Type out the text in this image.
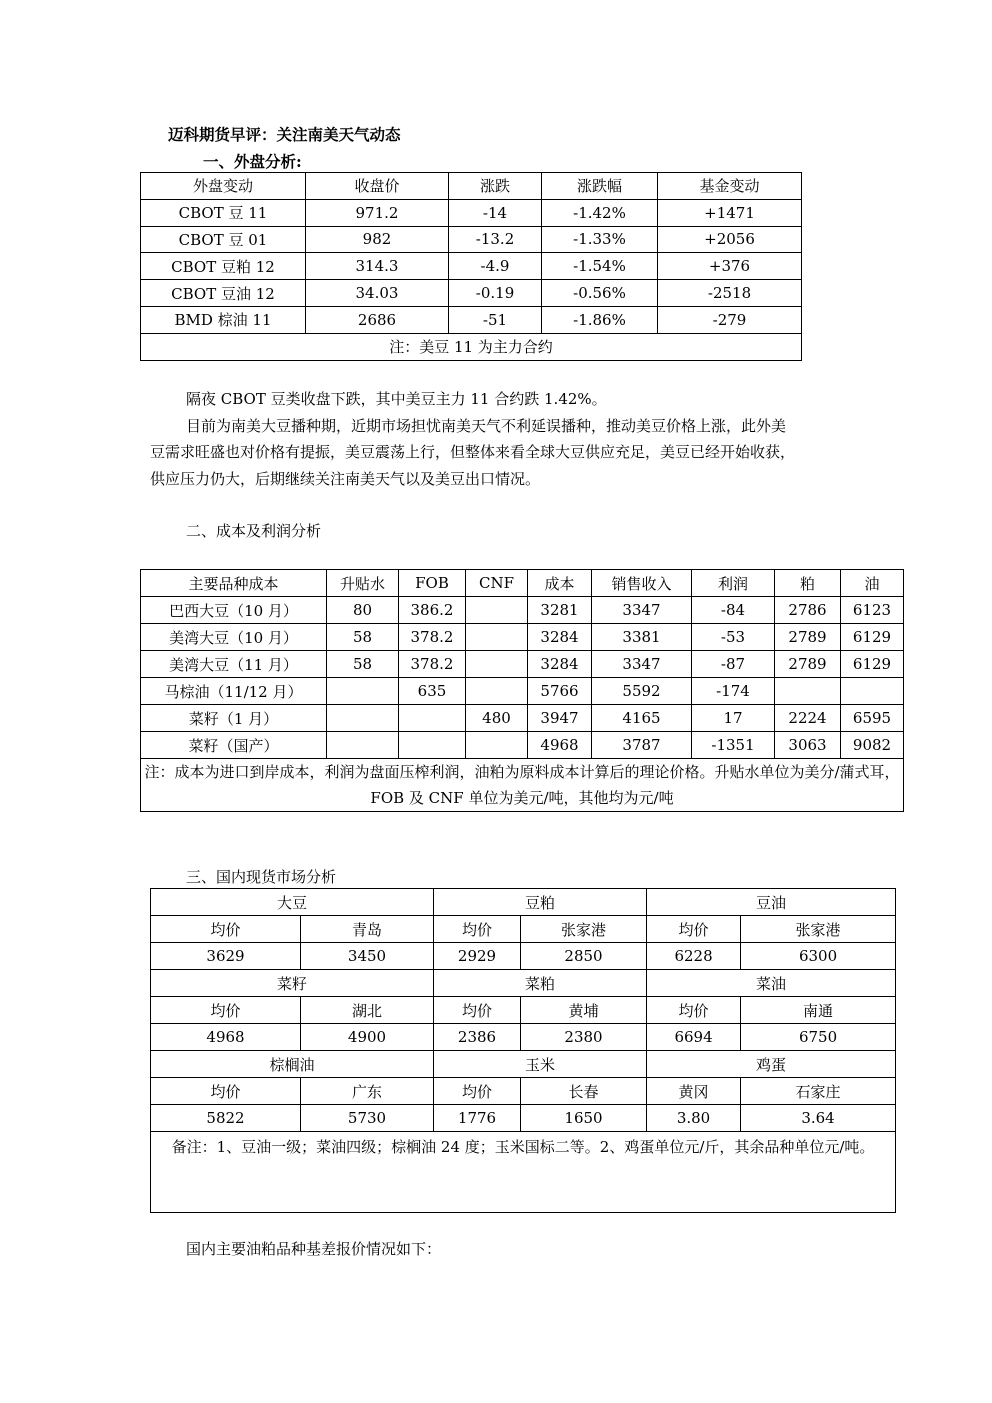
迈科期货早评：关注南美天气动态
一、外盘分析:
外盘变动	收盘价	涨跌	涨跌幅	基金变动
CBOT 豆 11	971.2	-14	-1.42%	+1471
CBOT 豆 01	982	-13.2	-1.33%	+2056
CBOT 豆粕 12	314.3	-4.9	-1.54%	+376
CBOT 豆油 12	34.03	-0.19	-0.56%	-2518
BMD 棕油 11	2686	-51	-1.86%	-279
注：美豆 11 为主力合约				

隔夜 CBOT 豆类收盘下跌，其中美豆主力 11 合约跌 1.42%。

目前为南美大豆播种期，近期市场担忧南美天气不利延误播种，推动美豆价格上涨，此外美豆需求旺盛也对价格有提振，美豆震荡上行，但整体来看全球大豆供应充足，美豆已经开始收获，供应压力仍大，后期继续关注南美天气以及美豆出口情况。

二、成本及利润分析
主要品种成本	升贴水	FOB	CNF	成本	销售收入	利润	粕	油
巴西大豆（10 月）	80	386.2		3281	3347	-84	2786	6123
美湾大豆（10 月）	58	378.2		3284	3381	-53	2789	6129
美湾大豆（11 月）	58	378.2		3284	3347	-87	2789	6129
马棕油（11/12 月）		635		5766	5592	-174		
菜籽（1 月）			480	3947	4165	17	2224	6595
菜籽（国产）				4968	3787	-1351	3063	9082
注：成本为进口到岸成本，利润为盘面压榨利润，油粕为原料成本计算后的理论价格。升贴水单位为美分/蒲式耳，FOB 及 CNF 单位为美元/吨，其他均为元/吨								
三、国内现货市场分析
大豆		豆粕		豆油	
均价	青岛	均价	张家港	均价	张家港
3629	3450	2929	2850	6228	6300
菜籽		菜粕		菜油	
均价	湖北	均价	黄埔	均价	南通
4968	4900	2386	2380	6694	6750
棕榈油		玉米		鸡蛋	
均价	广东	均价	长春	黄冈	石家庄
5822	5730	1776	1650	3.80	3.64
备注：1、豆油一级；菜油四级；棕榈油 24 度；玉米国标二等。2、鸡蛋单位元/斤，其余品种单位元/吨。					
国内主要油粕品种基差报价情况如下：
